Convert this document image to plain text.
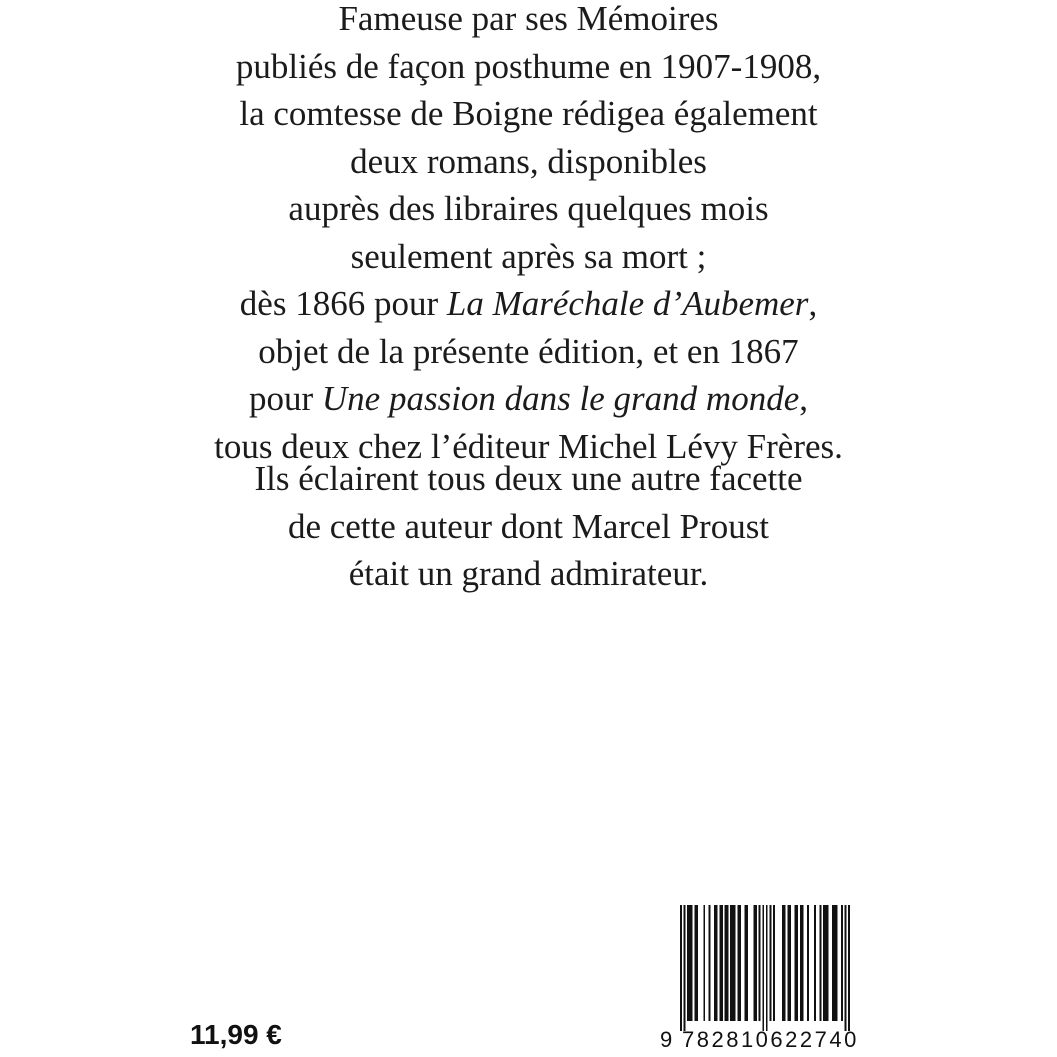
Fameuse par ses Mémoires
publiés de façon posthume en 1907-1908,
la comtesse de Boigne rédigea également
deux romans, disponibles
auprès des libraires quelques mois
seulement après sa mort ;
dès 1866 pour La Maréchale d’Aubemer,
objet de la présente édition, et en 1867
pour Une passion dans le grand monde,
tous deux chez l’éditeur Michel Lévy Frères.
Ils éclairent tous deux une autre facette
de cette auteur dont Marcel Proust
était un grand admirateur.
11,99 €	9 782810622740
